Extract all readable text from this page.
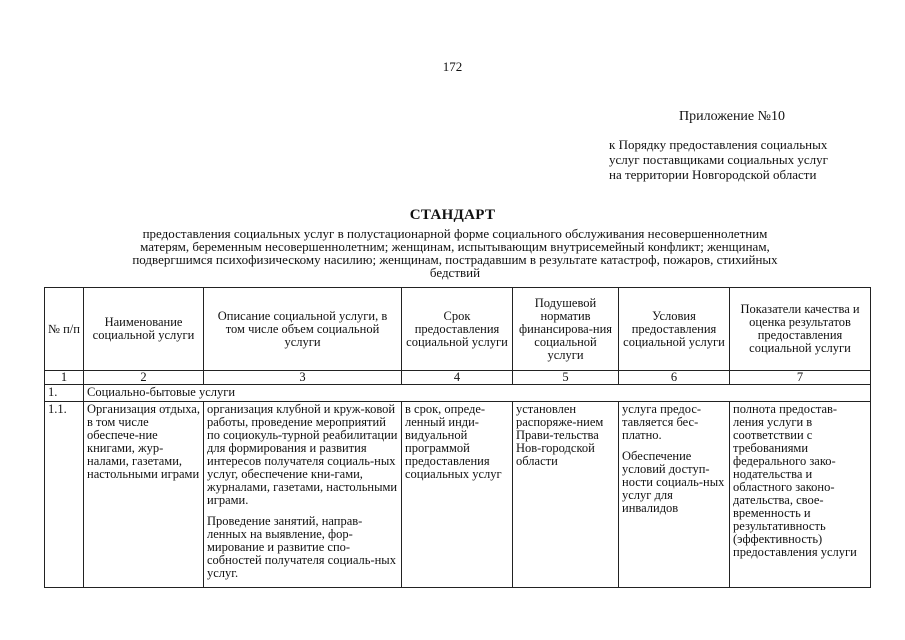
172
Приложение №10
к Порядку предоставления социальных
услуг поставщиками социальных услуг
на территории Новгородской области
СТАНДАРТ
предоставления социальных услуг в полустационарной форме социального обслуживания несовершеннолетним
матерям, беременным несовершеннолетним; женщинам, испытывающим внутрисемейный конфликт; женщинам,
подвергшимся психофизическому насилию; женщинам, пострадавшим в результате катастроф, пожаров, стихийных
бедствий
№ п/п	Наименование социальной услуги	Описание социальной услуги, в том числе объем социальной услуги	Срок предоставления социальной услуги	Подушевой норматив финансирова-ния социальной услуги	Условия предоставления социальной услуги	Показатели качества и оценка результатов предоставления социальной услуги
1	2	3	4	5	6	7
1.	Социально-бытовые услуги					
1.1.	Организация отдыха, в том числе обеспече-ние книгами, жур-налами, газетами, настольными играми	организация клубной и круж-ковой работы, проведение мероприятий по социокуль-турной реабилитации для формирования и развития интересов получателя социаль-ных услуг, обеспечение кни-гами, журналами, газетами, настольными играми.
Проведение занятий, направ-ленных на выявление, фор-мирование и развитие спо-собностей получателя социаль-ных услуг.	в срок, опреде-ленный инди-видуальной программой предоставления социальных услуг	установлен распоряже-нием Прави-тельства Нов-городской области	услуга предос-тавляется бес-платно.
Обеспечение условий доступ-ности социаль-ных услуг для инвалидов	полнота предостав-ления услуги в соответствии с требованиями федерального зако-нодательства и областного законо-дательства, свое-временность и результативность (эффективность) предоставления услуги
